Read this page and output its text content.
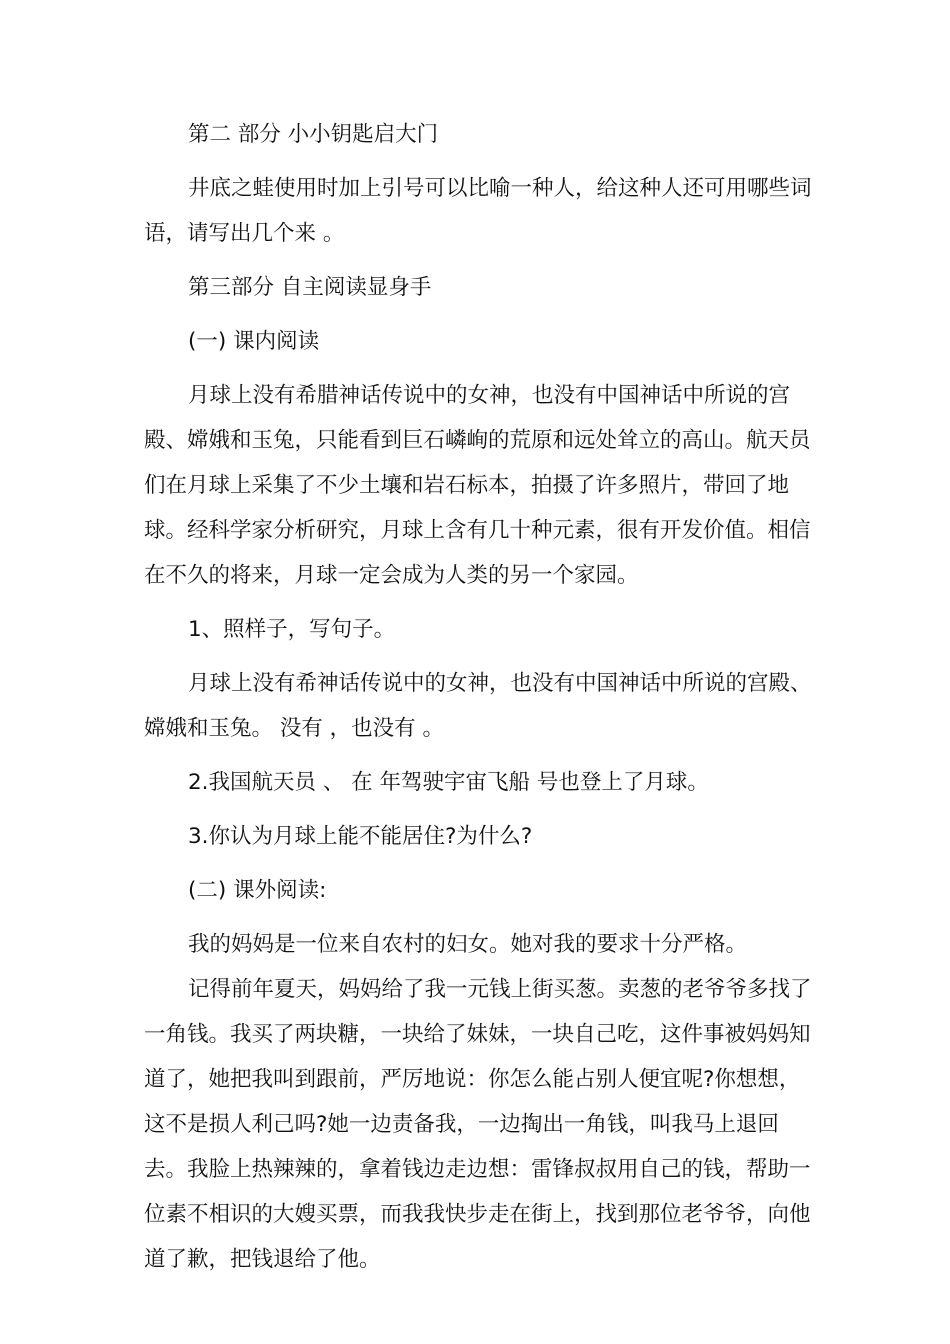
第二 部分 小小钥匙启大门

井底之蛙使用时加上引号可以比喻一种人，给这种人还可用哪些词语，请写出几个来 。

第三部分 自主阅读显身手

(一) 课内阅读

月球上没有希腊神话传说中的女神，也没有中国神话中所说的宫殿、嫦娥和玉兔，只能看到巨石嶙峋的荒原和远处耸立的高山。航天员们在月球上采集了不少土壤和岩石标本，拍摄了许多照片，带回了地球。经科学家分析研究，月球上含有几十种元素，很有开发价值。相信在不久的将来，月球一定会成为人类的另一个家园。

1、照样子，写句子。

月球上没有希神话传说中的女神，也没有中国神话中所说的宫殿、嫦娥和玉兔。 没有 ，也没有 。

2.我国航天员 、 在 年驾驶宇宙飞船 号也登上了月球。

3.你认为月球上能不能居住?为什么?

(二) 课外阅读:

我的妈妈是一位来自农村的妇女。她对我的要求十分严格。

记得前年夏天，妈妈给了我一元钱上街买葱。卖葱的老爷爷多找了一角钱。我买了两块糖，一块给了妹妹，一块自己吃，这件事被妈妈知道了，她把我叫到跟前，严厉地说：你怎么能占别人便宜呢?你想想，这不是损人利己吗?她一边责备我，一边掏出一角钱，叫我马上退回去。我脸上热辣辣的，拿着钱边走边想：雷锋叔叔用自己的钱，帮助一位素不相识的大嫂买票，而我我快步走在街上，找到那位老爷爷，向他道了歉，把钱退给了他。
